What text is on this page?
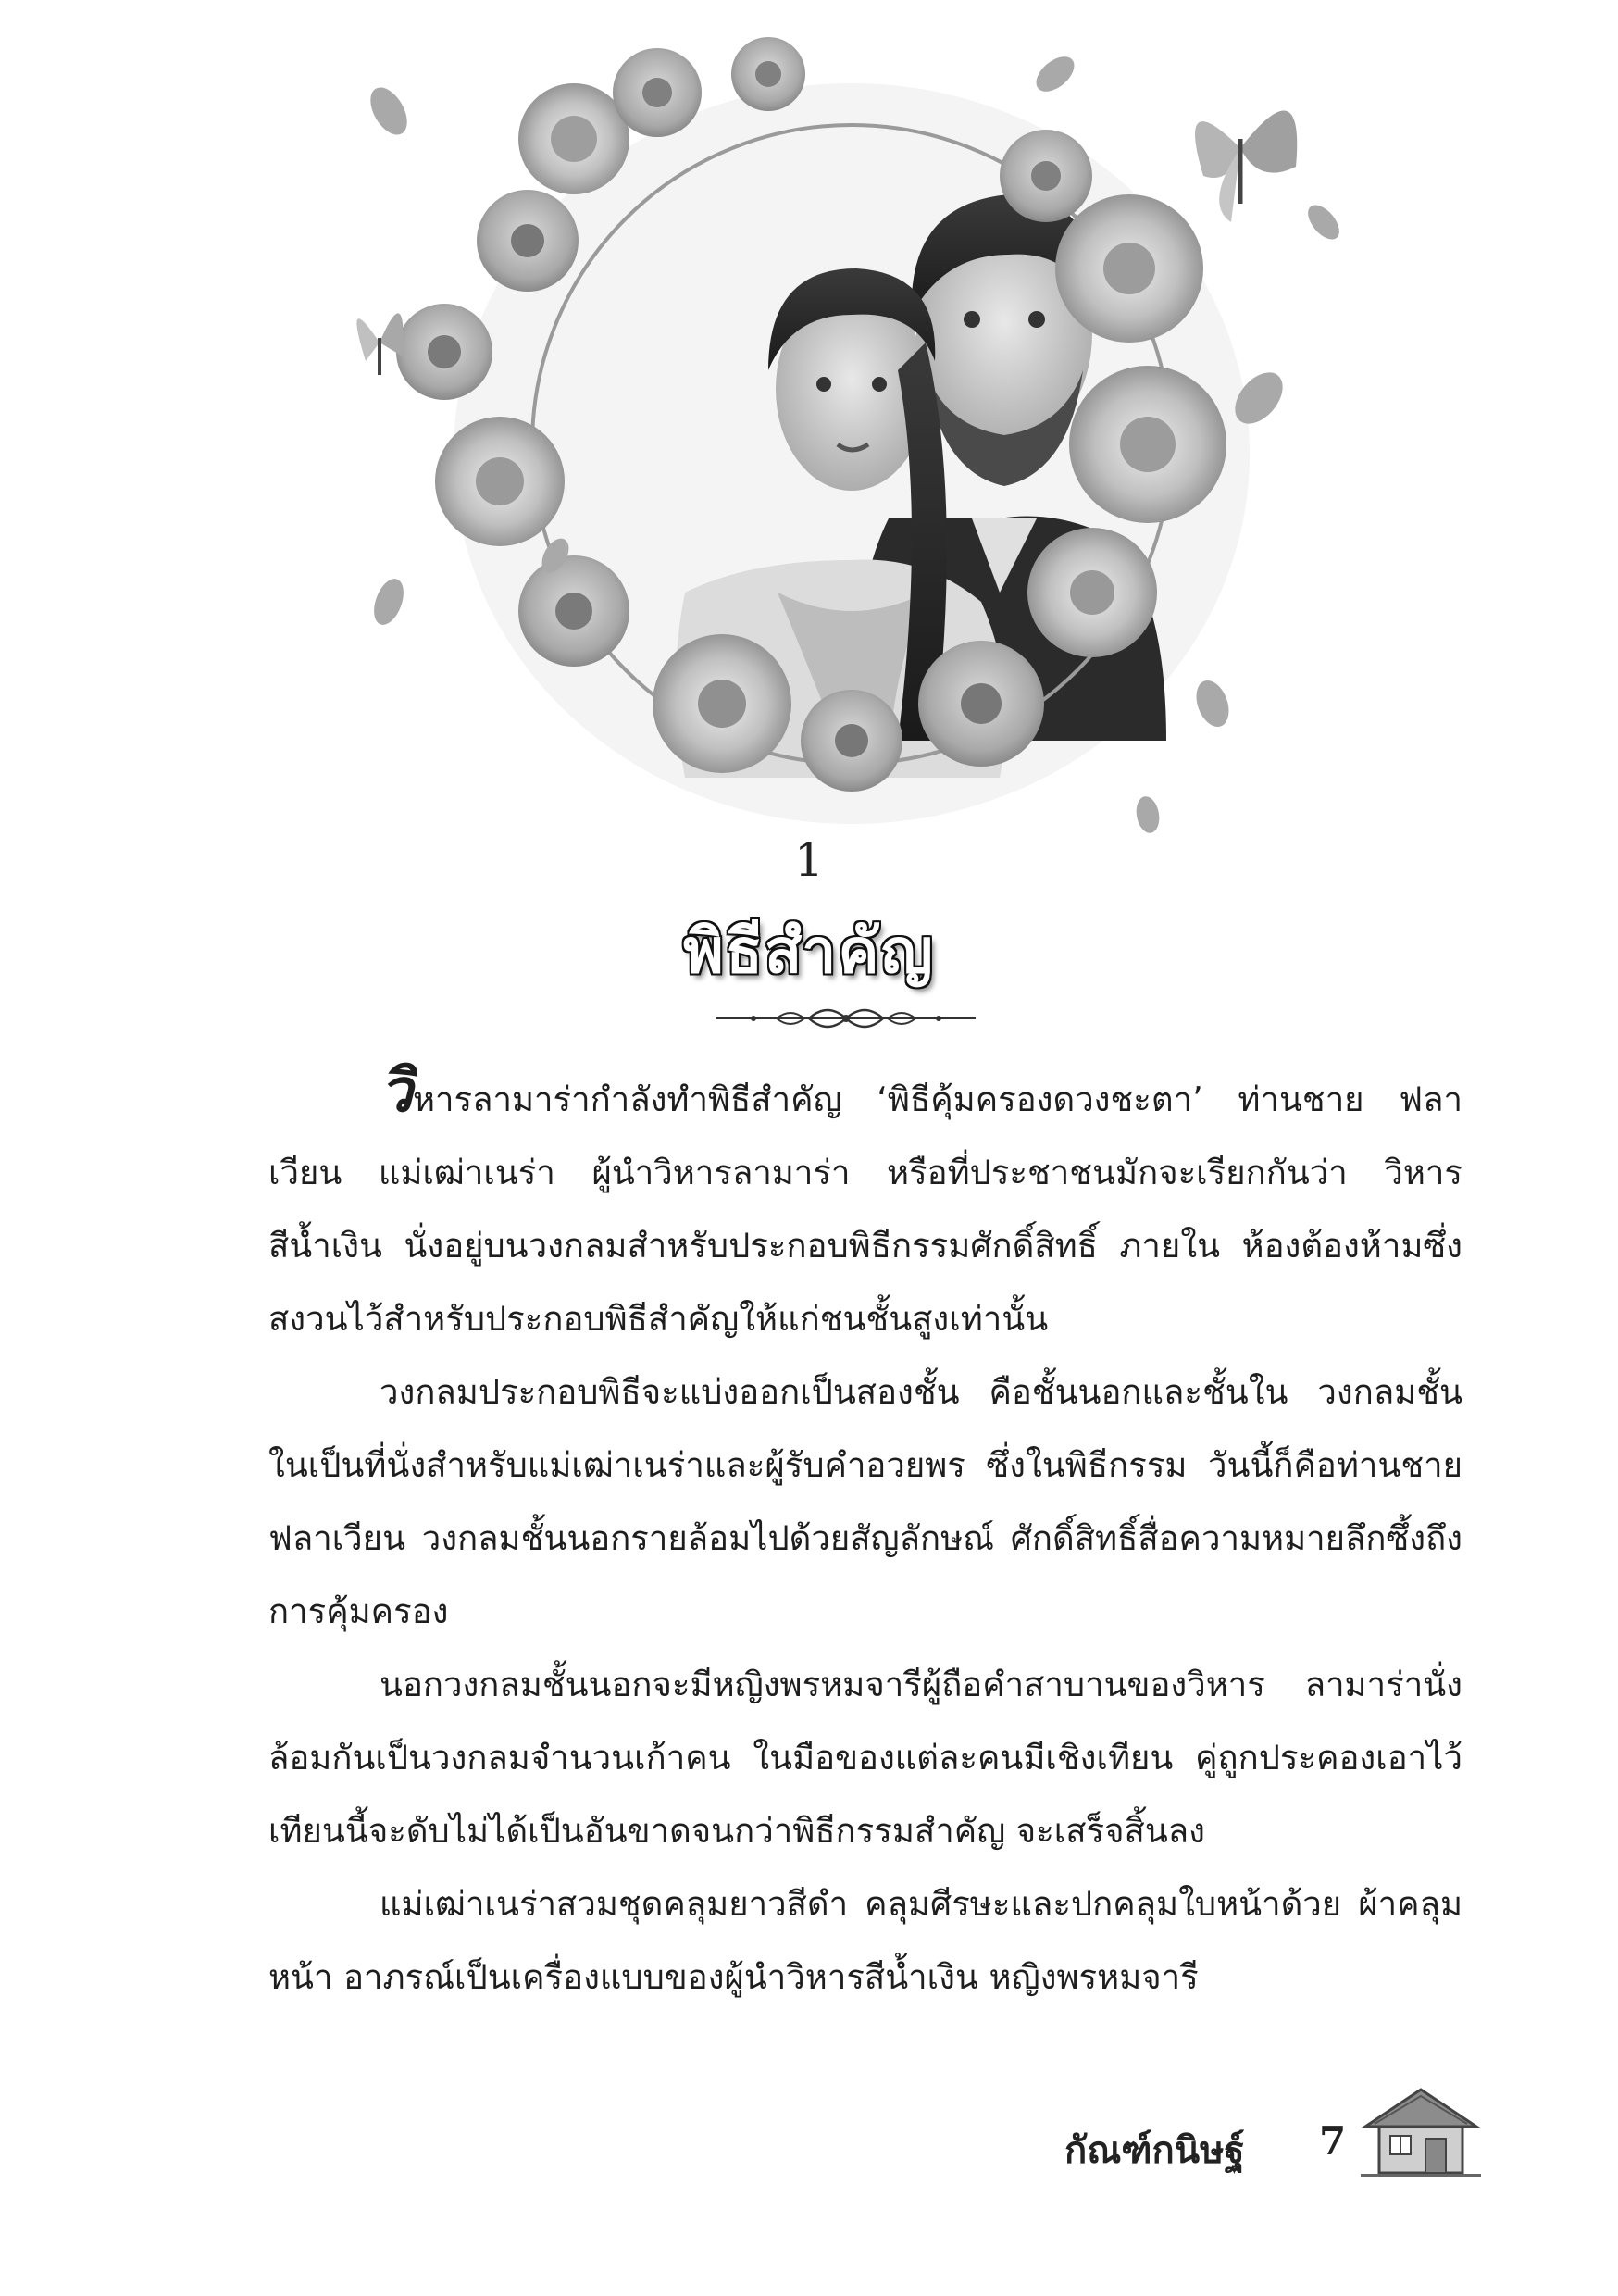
1
พิธีสำคัญ

วิหารลามาร่ากำลังทำพิธีสำคัญ ‘พิธีคุ้มครองดวงชะตา’ ท่านชาย ฟลาเวียน แม่เฒ่าเนร่า ผู้นำวิหารลามาร่า หรือที่ประชาชนมักจะเรียกกันว่า วิหารสีน้ำเงิน นั่งอยู่บนวงกลมสำหรับประกอบพิธีกรรมศักดิ์สิทธิ์ ภายใน ห้องต้องห้ามซึ่งสงวนไว้สำหรับประกอบพิธีสำคัญให้แก่ชนชั้นสูงเท่านั้น

วงกลมประกอบพิธีจะแบ่งออกเป็นสองชั้น คือชั้นนอกและชั้นใน วงกลมชั้นในเป็นที่นั่งสำหรับแม่เฒ่าเนร่าและผู้รับคำอวยพร ซึ่งในพิธีกรรม วันนี้ก็คือท่านชายฟลาเวียน วงกลมชั้นนอกรายล้อมไปด้วยสัญลักษณ์ ศักดิ์สิทธิ์สื่อความหมายลึกซึ้งถึงการคุ้มครอง

นอกวงกลมชั้นนอกจะมีหญิงพรหมจารีผู้ถือคำสาบานของวิหาร ลามาร่านั่งล้อมกันเป็นวงกลมจำนวนเก้าคน ในมือของแต่ละคนมีเชิงเทียน คู่ถูกประคองเอาไว้ เทียนนี้จะดับไม่ได้เป็นอันขาดจนกว่าพิธีกรรมสำคัญ จะเสร็จสิ้นลง

แม่เฒ่าเนร่าสวมชุดคลุมยาวสีดำ คลุมศีรษะและปกคลุมใบหน้าด้วย ผ้าคลุมหน้า อาภรณ์เป็นเครื่องแบบของผู้นำวิหารสีน้ำเงิน หญิงพรหมจารี

กัณฑ์กนิษฐ์ 7
